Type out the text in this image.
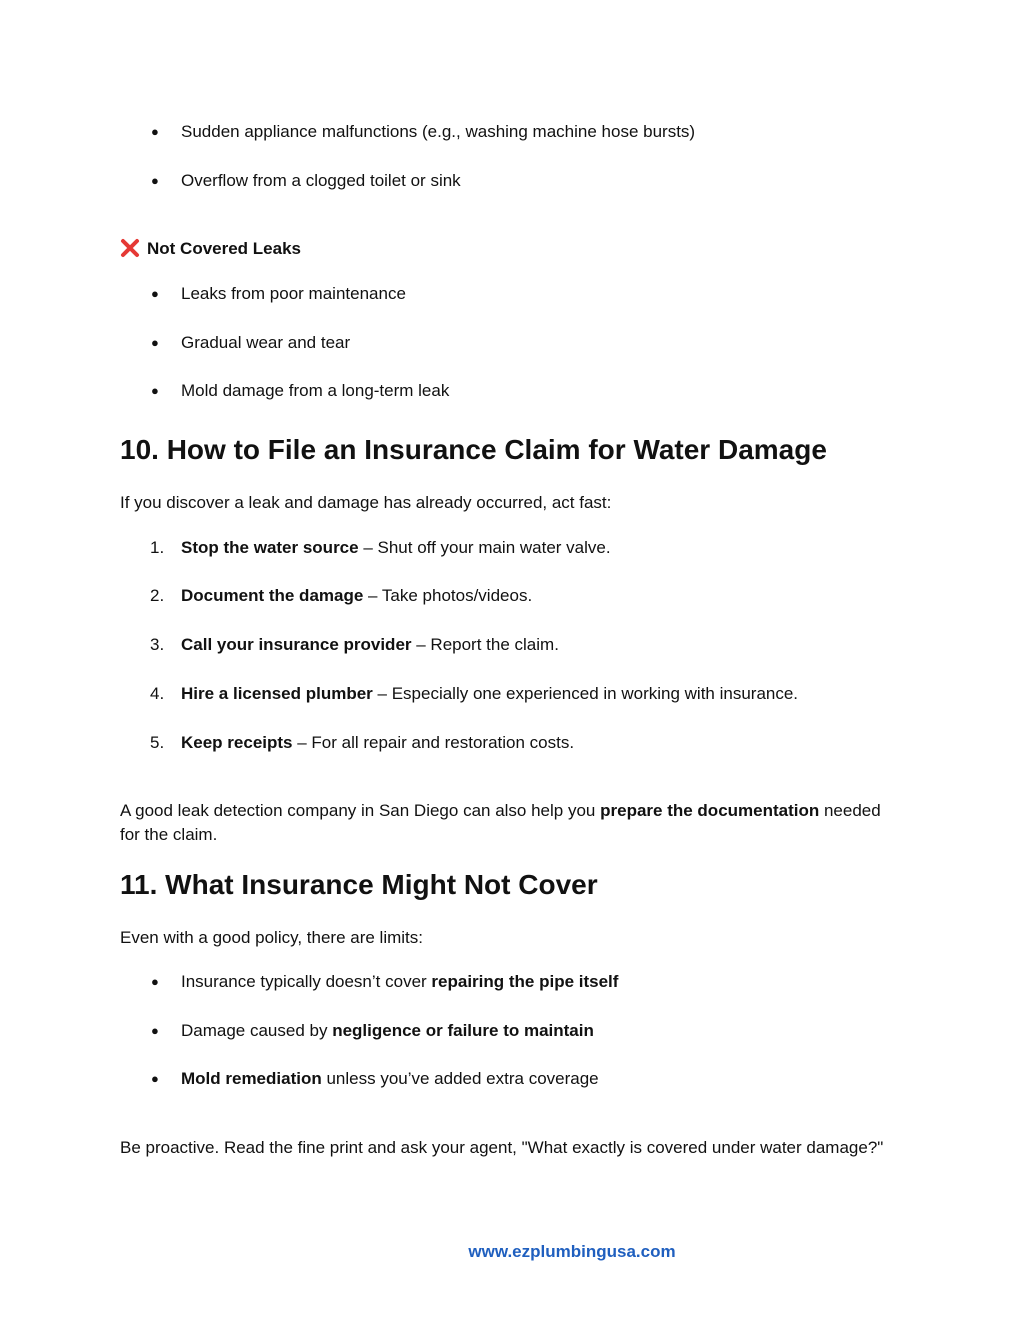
● Sudden appliance malfunctions (e.g., washing machine hose bursts)
● Overflow from a clogged toilet or sink
Not Covered Leaks
● Leaks from poor maintenance
● Gradual wear and tear
● Mold damage from a long-term leak
10. How to File an Insurance Claim for Water Damage
If you discover a leak and damage has already occurred, act fast:
1. Stop the water source – Shut off your main water valve.
2. Document the damage – Take photos/videos.
3. Call your insurance provider – Report the claim.
4. Hire a licensed plumber – Especially one experienced in working with insurance.
5. Keep receipts – For all repair and restoration costs.
A good leak detection company in San Diego can also help you prepare the documentation needed for the claim.
11. What Insurance Might Not Cover
Even with a good policy, there are limits:
● Insurance typically doesn’t cover repairing the pipe itself
● Damage caused by negligence or failure to maintain
● Mold remediation unless you’ve added extra coverage
Be proactive. Read the fine print and ask your agent, "What exactly is covered under water damage?"
www.ezplumbingusa.com
